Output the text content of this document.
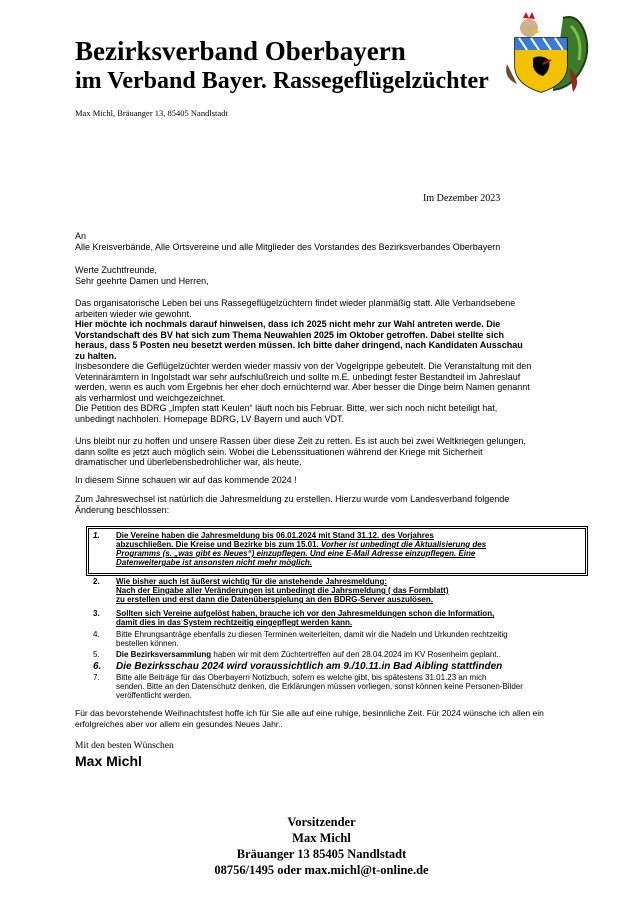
Bezirksverband Oberbayern
im Verband Bayer. Rassegeflügelzüchter
Max Michl, Bräuanger 13, 85405 Nandlstadt
Im Dezember 2023
An
Alle Kreisverbände, Alle Ortsvereine und alle Mitglieder des Vorstandes des Bezirksverbandes Oberbayern
Werte Zuchtfreunde,
Sehr geehrte Damen und Herren,
Das organisatorische Leben bei uns Rassegeflügelzüchtern findet wieder planmäßig statt. Alle Verbandsebene
arbeiten wieder wie gewohnt.
Hier möchte ich nochmals darauf hinweisen, dass ich 2025 nicht mehr zur Wahl antreten werde. Die
Vorstandschaft des BV hat sich zum Thema Neuwahlen 2025 im Oktober getroffen. Dabei stellte sich
heraus, dass 5 Posten neu besetzt werden müssen. Ich bitte daher dringend, nach Kandidaten Ausschau
zu halten.
Insbesondere die Geflügelzüchter werden wieder massiv von der Vogelgrippe gebeutelt. Die Veranstaltung mit den
Veterinärämtern in Ingolstadt war sehr aufschlußreich und sollte m.E. unbedingt fester Bestandteil im Jahreslauf
werden, wenn es auch vom Ergebnis her eher doch ernüchternd war. Aber besser die Dinge beim Namen genannt
als verharmlost und weichgezeichnet.
Die Petition des BDRG „Impfen statt Keulen“ läuft noch bis Februar. Bitte, wer sich noch nicht beteiligt hat,
unbedingt nachholen. Homepage BDRG, LV Bayern und auch VDT.
Uns bleibt nur zu hoffen und unsere Rassen über diese Zeit zu retten. Es ist auch bei zwei Weltkriegen gelungen,
dann sollte es jetzt auch möglich sein. Wobei die Lebenssituationen während der Kriege mit Sicherheit
dramatischer und überlebensbedrohlicher war, als heute.
In diesem Sinne schauen wir auf das kommende 2024 !
Zum Jahreswechsel ist natürlich die Jahresmeldung zu erstellen. Hierzu wurde vom Landesverband folgende
Änderung beschlossen:
1.	Die Vereine haben die Jahresmeldung bis 06.01.2024 mit Stand 31.12. des Vorjahres
abzuschließen. Die Kreise und Bezirke bis zum 15.01. Vorher ist unbedingt die Aktualisierung des
Programms (s. „was gibt es Neues“) einzupflegen. Und eine E-Mail Adresse einzupflegen. Eine
Datenweitergabe ist ansonsten nicht mehr möglich.
2.	Wie bisher auch ist äußerst wichtig für die anstehende Jahresmeldung:
Nach der Eingabe aller Veränderungen ist unbedingt die Jahrsmeldung ( das Formblatt)
zu erstellen und erst dann die Datenüberspielung an den BDRG-Server auszulösen.
3.	Sollten sich Vereine aufgelöst haben, brauche ich vor den Jahresmeldungen schon die Information,
damit dies in das System rechtzeitig eingepflegt werden kann.
4.	Bitte Ehrungsanträge ebenfalls zu diesen Terminen weiterleiten, damit wir die Nadeln und Urkunden rechtzeitig
bestellen können.
5.	Die Bezirksversammlung haben wir mit dem Züchtertreffen auf den 28.04.2024 im KV Rosenheim geplant..
6.	Die Bezirksschau 2024 wird voraussichtlich am 9./10.11.in Bad Aibling stattfinden
7.	Bitte alle Beiträge für das Oberbayern Notizbuch, sofern es welche gibt, bis spätestens 31.01.23 an mich
senden. Bitte an den Datenschutz denken, die Erklärungen müssen vorliegen, sonst können keine Personen-Bilder
veröffentlicht werden.
Für das bevorstehende Weihnachtsfest hoffe ich für Sie alle auf eine ruhige, besinnliche Zeit. Für 2024 wünsche ich allen ein
erfolgreiches aber vor allem ein gesundes Neues Jahr..
Mit den besten Wünschen
Max Michl
Vorsitzender
Max Michl
Bräuanger 13 85405 Nandlstadt
08756/1495 oder max.michl@t-online.de
